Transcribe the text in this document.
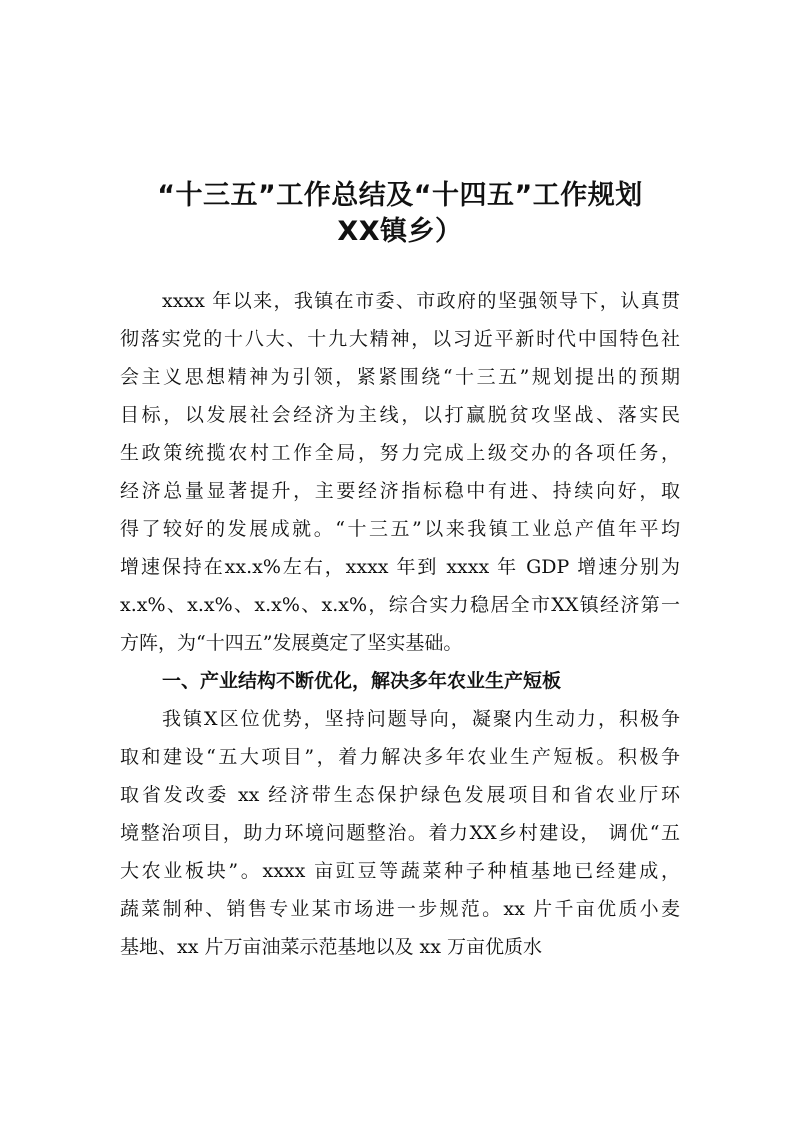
“十三五”工作总结及“十四五”工作规划
XX镇乡）
xxxx 年以来，我镇在市委、市政府的坚强领导下，认真贯
彻落实党的十八大、十九大精神，以习近平新时代中国特色社
会主义思想精神为引领，紧紧围绕“十三五”规划提出的预期
目标，以发展社会经济为主线，以打赢脱贫攻坚战、落实民
生政策统揽农村工作全局，努力完成上级交办的各项任务，
经济总量显著提升，主要经济指标稳中有进、持续向好，取
得了较好的发展成就。“十三五”以来我镇工业总产值年平均
增速保持在xx.x%左右，xxxx 年到 xxxx 年 GDP 增速分别为
x.x%、x.x%、x.x%、x.x%，综合实力稳居全市XX镇经济第一
方阵，为“十四五”发展奠定了坚实基础。
一、产业结构不断优化，解决多年农业生产短板
我镇X区位优势，坚持问题导向，凝聚内生动力，积极争
取和建设“五大项目”，着力解决多年农业生产短板。积极争
取省发改委 xx 经济带生态保护绿色发展项目和省农业厅环
境整治项目，助力环境问题整治。着力XX乡村建设， 调优“五
大农业板块”。xxxx 亩豇豆等蔬菜种子种植基地已经建成，
蔬菜制种、销售专业某市场进一步规范。xx 片千亩优质小麦
基地、xx 片万亩油菜示范基地以及 xx 万亩优质水
